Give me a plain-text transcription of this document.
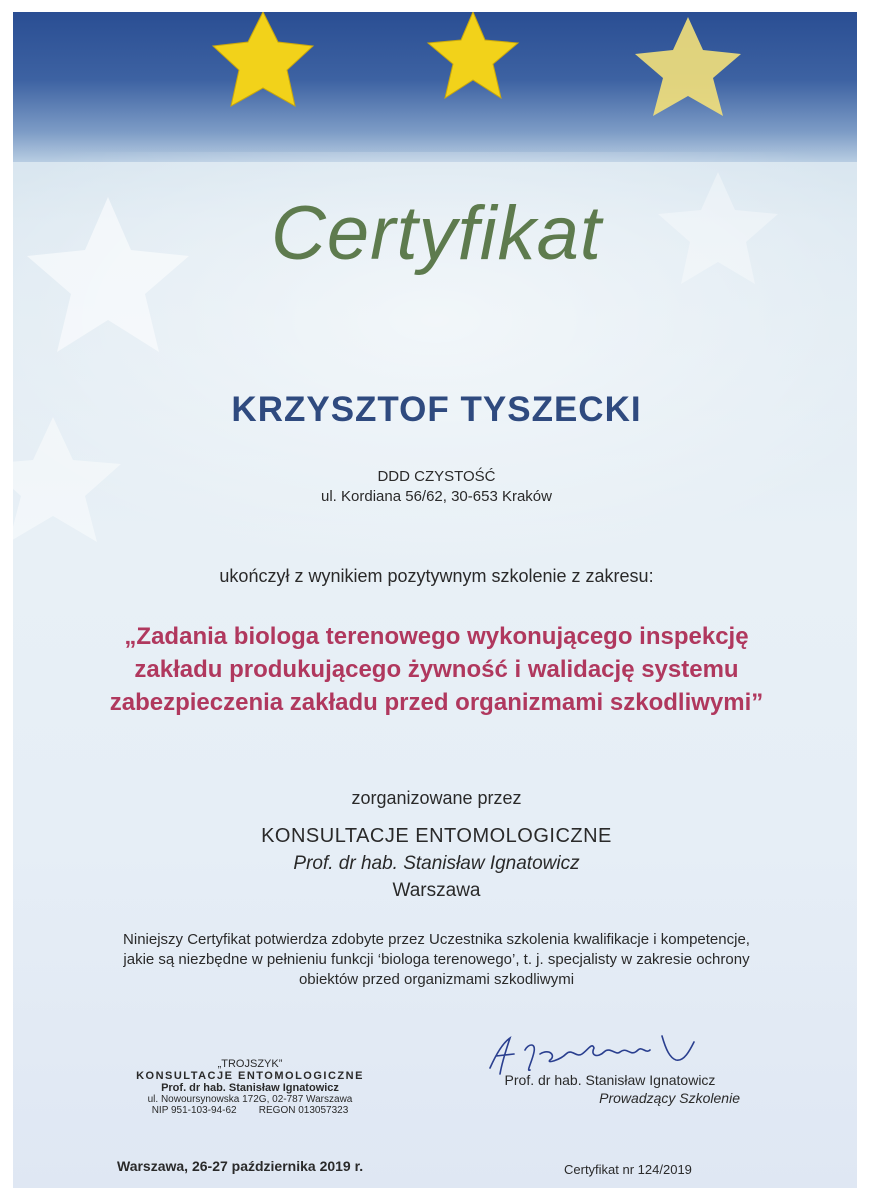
Certyfikat
KRZYSZTOF TYSZECKI
DDD CZYSTOŚĆ
ul. Kordiana 56/62, 30-653 Kraków
ukończył z wynikiem pozytywnym szkolenie z zakresu:
„Zadania biologa terenowego wykonującego inspekcję zakładu produkującego żywność i walidację systemu zabezpieczenia zakładu przed organizmami szkodliwymi”
zorganizowane przez
KONSULTACJE ENTOMOLOGICZNE
Prof. dr hab. Stanisław Ignatowicz
Warszawa
Niniejszy Certyfikat potwierdza zdobyte przez Uczestnika szkolenia kwalifikacje i kompetencje, jakie są niezbędne w pełnieniu funkcji ‘biologa terenowego’, t. j. specjalisty w zakresie ochrony obiektów przed organizmami szkodliwymi
„TROJSZYK”
KONSULTACJE ENTOMOLOGICZNE
Prof. dr hab. Stanisław Ignatowicz
ul. Nowoursynowska 172G, 02-787 Warszawa
NIP 951-103-94-62        REGON 013057323
Prof. dr hab. Stanisław Ignatowicz
Prowadzący Szkolenie
Warszawa, 26-27 października 2019 r.	Certyfikat nr 124/2019
